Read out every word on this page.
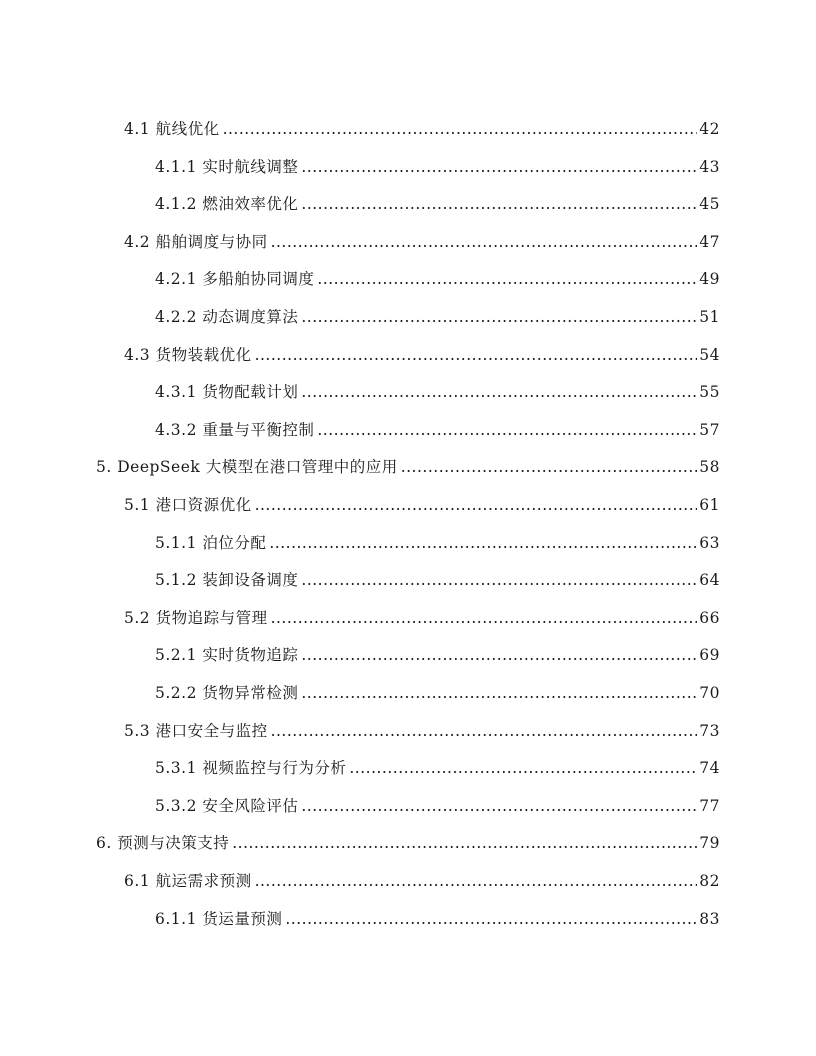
4.1 航线优化 .....	42
4.1.1 实时航线调整 .....	43
4.1.2 燃油效率优化 .....	45
4.2 船舶调度与协同 .....	47
4.2.1 多船舶协同调度 .....	49
4.2.2 动态调度算法 .....	51
4.3 货物装载优化 .....	54
4.3.1 货物配载计划 .....	55
4.3.2 重量与平衡控制 .....	57
5. DeepSeek 大模型在港口管理中的应用 .....	58
5.1 港口资源优化 .....	61
5.1.1 泊位分配 .....	63
5.1.2 装卸设备调度 .....	64
5.2 货物追踪与管理 .....	66
5.2.1 实时货物追踪 .....	69
5.2.2 货物异常检测 .....	70
5.3 港口安全与监控 .....	73
5.3.1 视频监控与行为分析 .....	74
5.3.2 安全风险评估 .....	77
6. 预测与决策支持 .....	79
6.1 航运需求预测 .....	82
6.1.1 货运量预测 .....	83
